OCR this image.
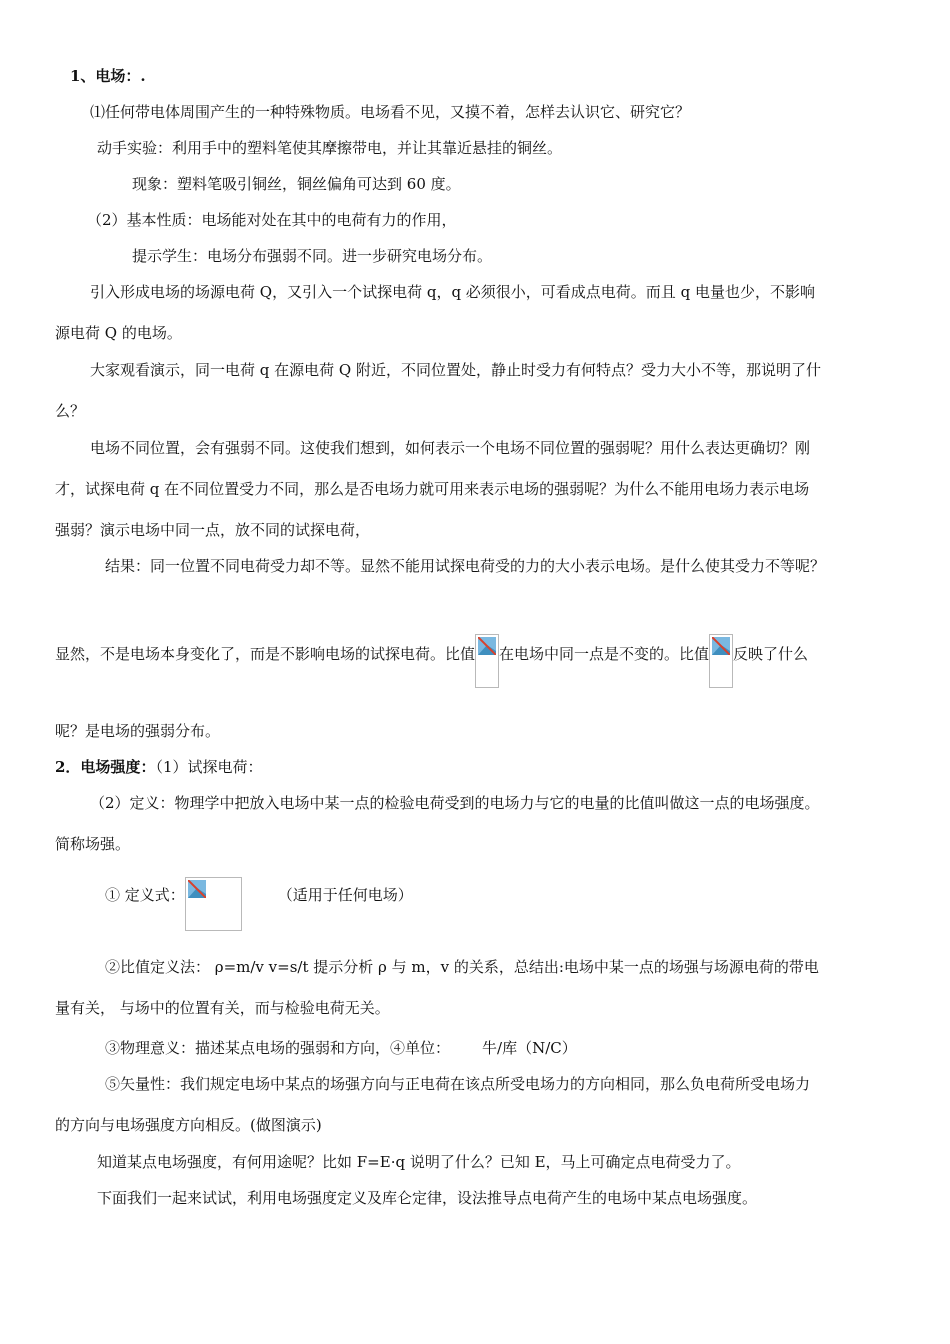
1、电场：.
⑴任何带电体周围产生的一种特殊物质。电场看不见，又摸不着，怎样去认识它、研究它？
动手实验：利用手中的塑料笔使其摩擦带电，并让其靠近悬挂的铜丝。
现象：塑料笔吸引铜丝，铜丝偏角可达到 60 度。
（2）基本性质：电场能对处在其中的电荷有力的作用，
提示学生：电场分布强弱不同。进一步研究电场分布。
引入形成电场的场源电荷 Q，又引入一个试探电荷 q，q 必须很小，可看成点电荷。而且 q 电量也少，不影响
源电荷 Q 的电场。
大家观看演示，同一电荷 q 在源电荷 Q 附近，不同位置处，静止时受力有何特点？受力大小不等，那说明了什
么？
电场不同位置，会有强弱不同。这使我们想到，如何表示一个电场不同位置的强弱呢？用什么表达更确切？刚
才，试探电荷 q 在不同位置受力不同，那么是否电场力就可用来表示电场的强弱呢？为什么不能用电场力表示电场
强弱？演示电场中同一点，放不同的试探电荷，
结果：同一位置不同电荷受力却不等。显然不能用试探电荷受的力的大小表示电场。是什么使其受力不等呢？
显然，不是电场本身变化了，而是不影响电场的试探电荷。比值 在电场中同一点是不变的。比值 反映了什么
呢？是电场的强弱分布。
2．电场强度：（1）试探电荷：
（2）定义：物理学中把放入电场中某一点的检验电荷受到的电场力与它的电量的比值叫做这一点的电场强度。
简称场强。
① 定义式：	（适用于任何电场）
②比值定义法： ρ=m/v v=s/t 提示分析 ρ 与 m，v 的关系，总结出:电场中某一点的场强与场源电荷的带电
量有关， 与场中的位置有关，而与检验电荷无关。
③物理意义：描述某点电场的强弱和方向，④单位： 牛/库（N/C）
⑤矢量性：我们规定电场中某点的场强方向与正电荷在该点所受电场力的方向相同，那么负电荷所受电场力
的方向与电场强度方向相反。(做图演示)
知道某点电场强度，有何用途呢？比如 F=E·q 说明了什么？已知 E，马上可确定点电荷受力了。
下面我们一起来试试，利用电场强度定义及库仑定律，设法推导点电荷产生的电场中某点电场强度。
